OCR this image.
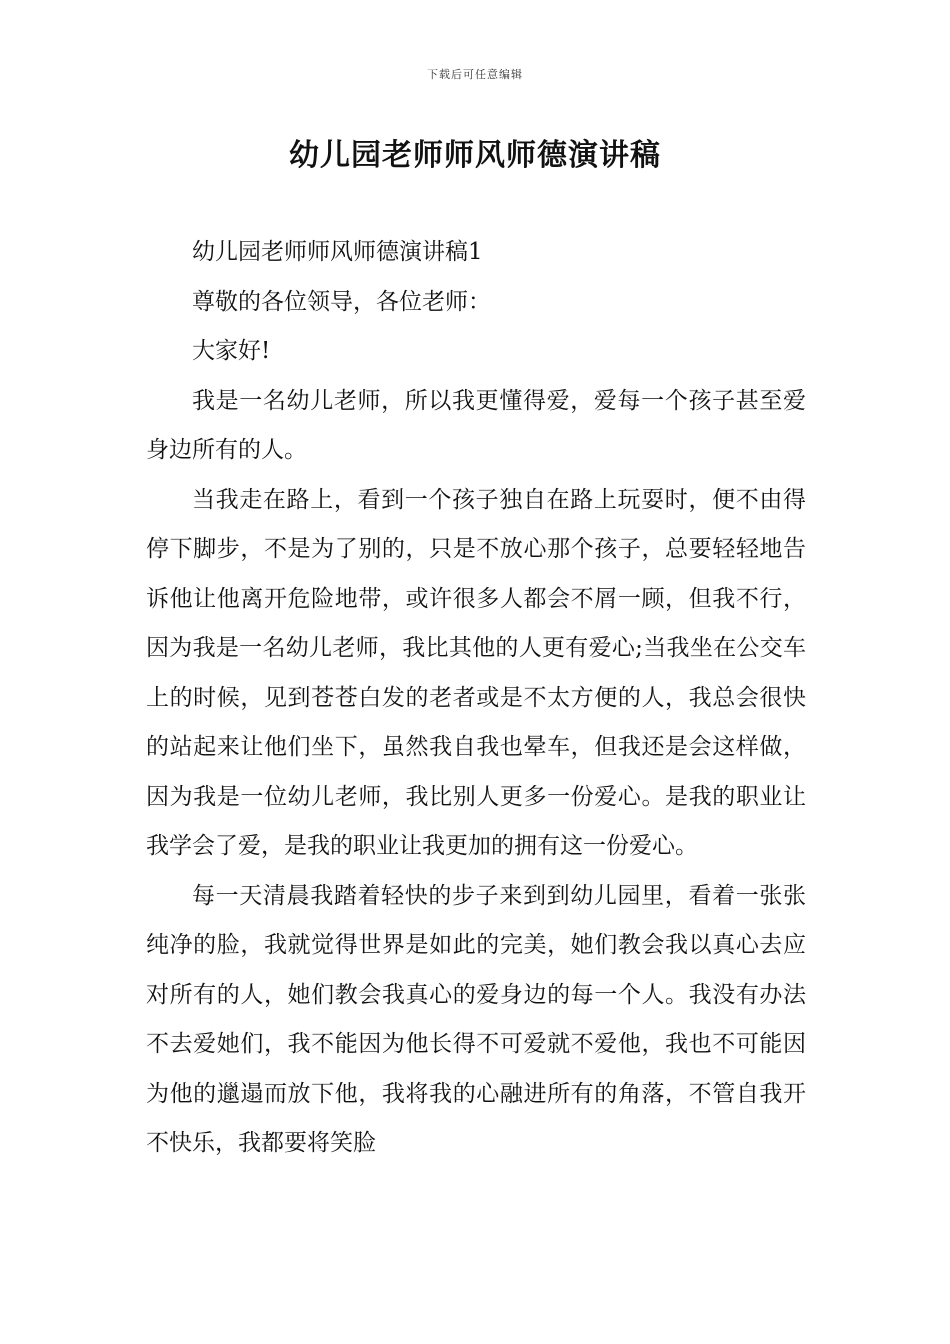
下载后可任意编辑
幼儿园老师师风师德演讲稿

幼儿园老师师风师德演讲稿1

尊敬的各位领导，各位老师：

大家好!

我是一名幼儿老师，所以我更懂得爱，爱每一个孩子甚至爱身边所有的人。

当我走在路上，看到一个孩子独自在路上玩耍时，便不由得停下脚步，不是为了别的，只是不放心那个孩子，总要轻轻地告诉他让他离开危险地带，或许很多人都会不屑一顾，但我不行，因为我是一名幼儿老师，我比其他的人更有爱心;当我坐在公交车上的时候，见到苍苍白发的老者或是不太方便的人，我总会很快的站起来让他们坐下，虽然我自我也晕车，但我还是会这样做，因为我是一位幼儿老师，我比别人更多一份爱心。是我的职业让我学会了爱，是我的职业让我更加的拥有这一份爱心。

每一天清晨我踏着轻快的步子来到到幼儿园里，看着一张张纯净的脸，我就觉得世界是如此的完美，她们教会我以真心去应对所有的人，她们教会我真心的爱身边的每一个人。我没有办法不去爱她们，我不能因为他长得不可爱就不爱他，我也不可能因为他的邋遢而放下他，我将我的心融进所有的角落，不管自我开不快乐，我都要将笑脸
